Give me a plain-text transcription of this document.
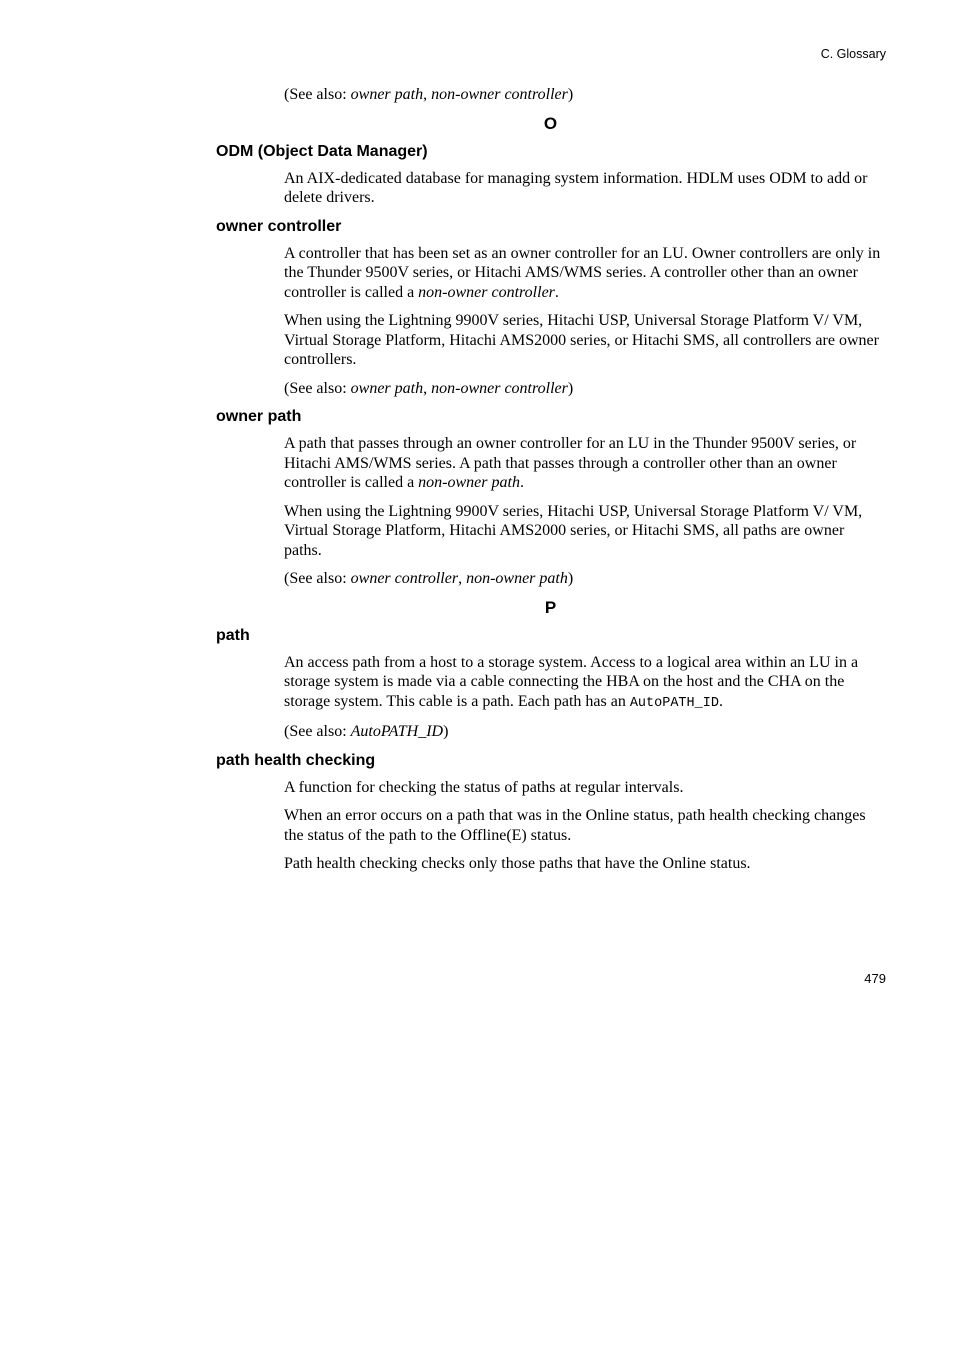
C. Glossary

(See also: owner path, non-owner controller)

O
ODM (Object Data Manager)

An AIX-dedicated database for managing system information. HDLM uses ODM to add or delete drivers.

owner controller

A controller that has been set as an owner controller for an LU. Owner controllers are only in the Thunder 9500V series, or Hitachi AMS/WMS series. A controller other than an owner controller is called a non-owner controller.

When using the Lightning 9900V series, Hitachi USP, Universal Storage Platform V/ VM, Virtual Storage Platform, Hitachi AMS2000 series, or Hitachi SMS, all controllers are owner controllers.

(See also: owner path, non-owner controller)

owner path

A path that passes through an owner controller for an LU in the Thunder 9500V series, or Hitachi AMS/WMS series. A path that passes through a controller other than an owner controller is called a non-owner path.

When using the Lightning 9900V series, Hitachi USP, Universal Storage Platform V/ VM, Virtual Storage Platform, Hitachi AMS2000 series, or Hitachi SMS, all paths are owner paths.

(See also: owner controller, non-owner path)

P
path

An access path from a host to a storage system. Access to a logical area within an LU in a storage system is made via a cable connecting the HBA on the host and the CHA on the storage system. This cable is a path. Each path has an AutoPATH_ID.

(See also: AutoPATH_ID)

path health checking

A function for checking the status of paths at regular intervals.

When an error occurs on a path that was in the Online status, path health checking changes the status of the path to the Offline(E) status.

Path health checking checks only those paths that have the Online status.

479
